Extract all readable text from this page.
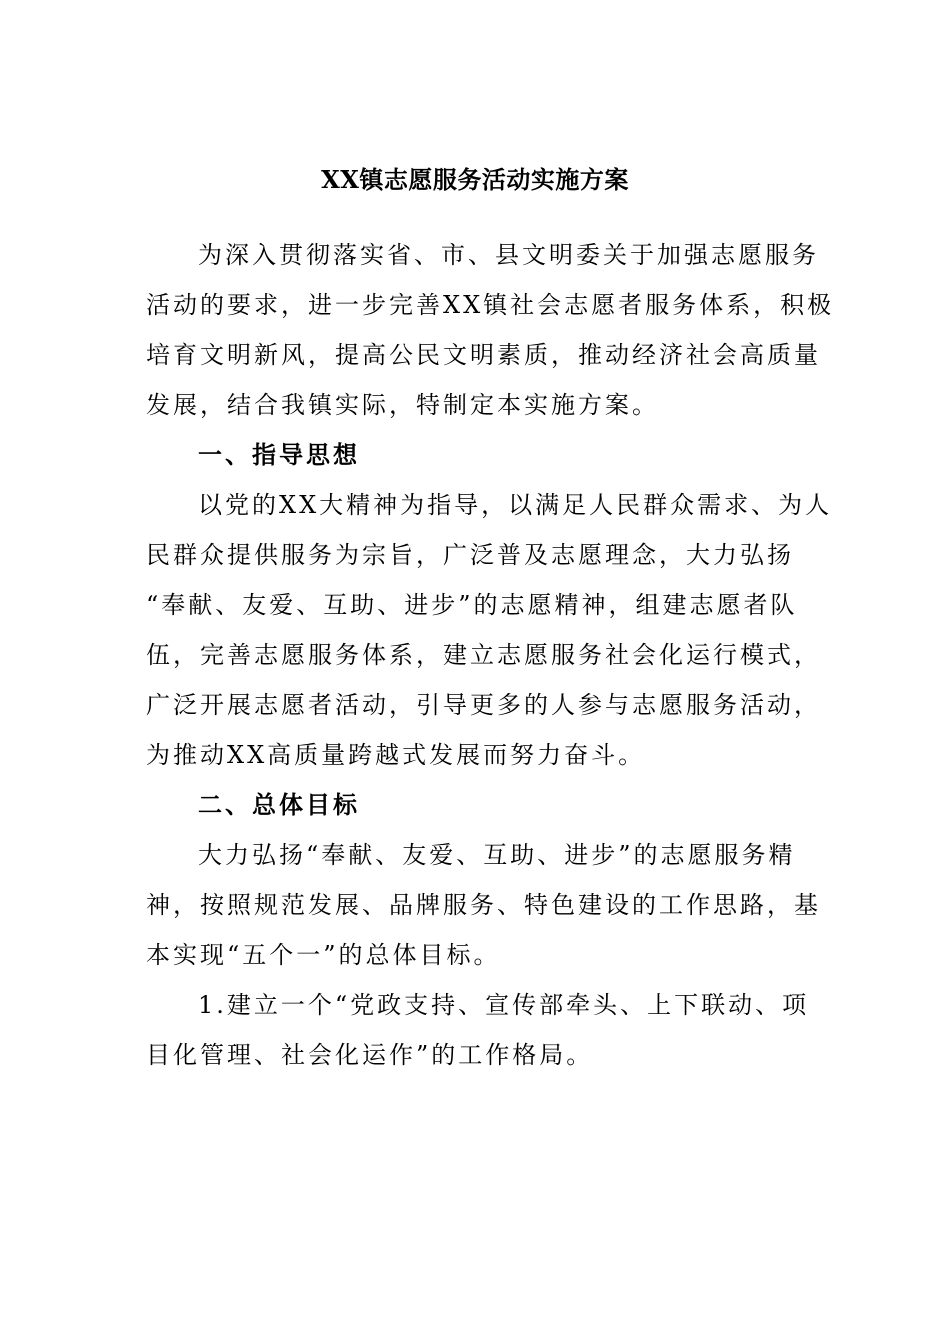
XX镇志愿服务活动实施方案
为深入贯彻落实省、市、县文明委关于加强志愿服务
活动的要求，进一步完善XX镇社会志愿者服务体系，积极
培育文明新风，提高公民文明素质，推动经济社会高质量
发展，结合我镇实际，特制定本实施方案。
一、指导思想
以党的XX大精神为指导，以满足人民群众需求、为人
民群众提供服务为宗旨，广泛普及志愿理念，大力弘扬
“奉献、友爱、互助、进步”的志愿精神，组建志愿者队
伍，完善志愿服务体系，建立志愿服务社会化运行模式，
广泛开展志愿者活动，引导更多的人参与志愿服务活动，
为推动XX高质量跨越式发展而努力奋斗。
二、总体目标
大力弘扬“奉献、友爱、互助、进步”的志愿服务精
神，按照规范发展、品牌服务、特色建设的工作思路，基
本实现“五个一”的总体目标。
1.建立一个“党政支持、宣传部牵头、上下联动、项
目化管理、社会化运作”的工作格局。
